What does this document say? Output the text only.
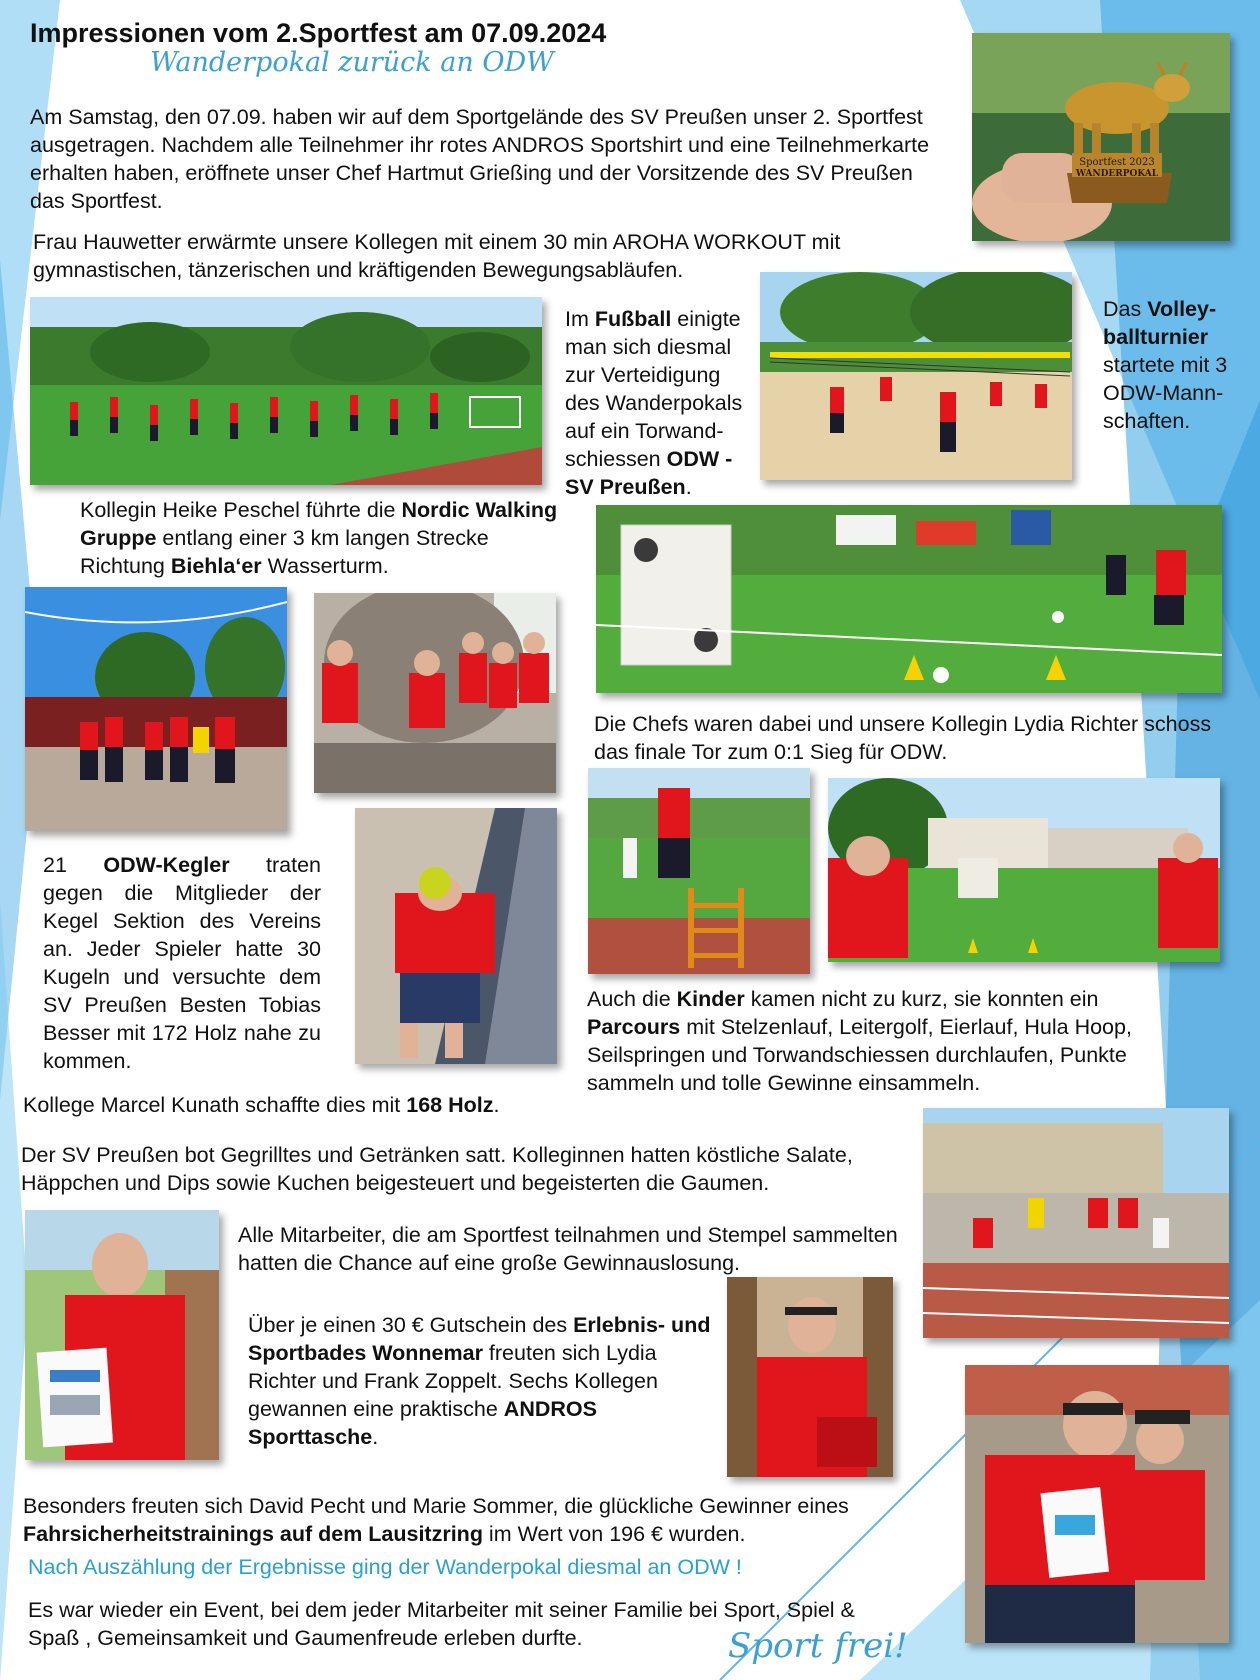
Impressionen vom 2.Sportfest am 07.09.2024
Wanderpokal zurück an ODW
Am Samstag, den 07.09. haben wir auf dem Sportgelände des SV Preußen unser 2. Sportfest ausgetragen. Nachdem alle Teilnehmer ihr rotes ANDROS Sportshirt und eine Teilnehmerkarte erhalten haben, eröffnete unser Chef Hartmut Grießing und der Vorsitzende des SV Preußen das Sportfest.
Frau Hauwetter erwärmte unsere Kollegen mit einem 30 min AROHA WORKOUT mit gymnastischen, tänzerischen und kräftigenden Bewegungsabläufen.
Sportfest 2023
WANDERPOKAL
Im Fußball einigte man sich diesmal zur Verteidigung des Wanderpokals auf ein Torwand-schiessen ODW - SV Preußen.
Das Volley-ballturnier startete mit 3 ODW-Mann-schaften.
Kollegin Heike Peschel führte die Nordic Walking Gruppe entlang einer 3 km langen Strecke Richtung Biehla‘er Wasserturm.
Die Chefs waren dabei und unsere Kollegin Lydia Richter schoss das finale Tor zum 0:1 Sieg für ODW.
21 ODW-Kegler traten gegen die Mitglieder der Kegel Sektion des Vereins an. Jeder Spieler hatte 30 Kugeln und versuchte dem SV Preußen Besten Tobias Besser mit 172 Holz nahe zu kommen.
Auch die Kinder kamen nicht zu kurz, sie konnten ein Parcours mit Stelzenlauf, Leitergolf, Eierlauf, Hula Hoop, Seilspringen und Torwandschiessen durchlaufen, Punkte sammeln und tolle Gewinne einsammeln.
Kollege Marcel Kunath schaffte dies mit 168 Holz.
Der SV Preußen bot Gegrilltes und Getränken satt. Kolleginnen hatten köstliche Salate, Häppchen und Dips sowie Kuchen beigesteuert und begeisterten die Gaumen.
Alle Mitarbeiter, die am Sportfest teilnahmen und Stempel sammelten hatten die Chance auf eine große Gewinnauslosung.
Über je einen 30 € Gutschein des Erlebnis- und Sportbades Wonnemar freuten sich Lydia Richter und Frank Zoppelt. Sechs Kollegen gewannen eine praktische ANDROS Sporttasche.
Besonders freuten sich David Pecht und Marie Sommer, die glückliche Gewinner eines Fahrsicherheitstrainings auf dem Lausitzring im Wert von 196 € wurden.
Nach Auszählung der Ergebnisse ging der Wanderpokal diesmal an ODW !
Es war wieder ein Event, bei dem jeder Mitarbeiter mit seiner Familie bei Sport, Spiel & Spaß , Gemeinsamkeit und Gaumenfreude erleben durfte.	Sport frei!
